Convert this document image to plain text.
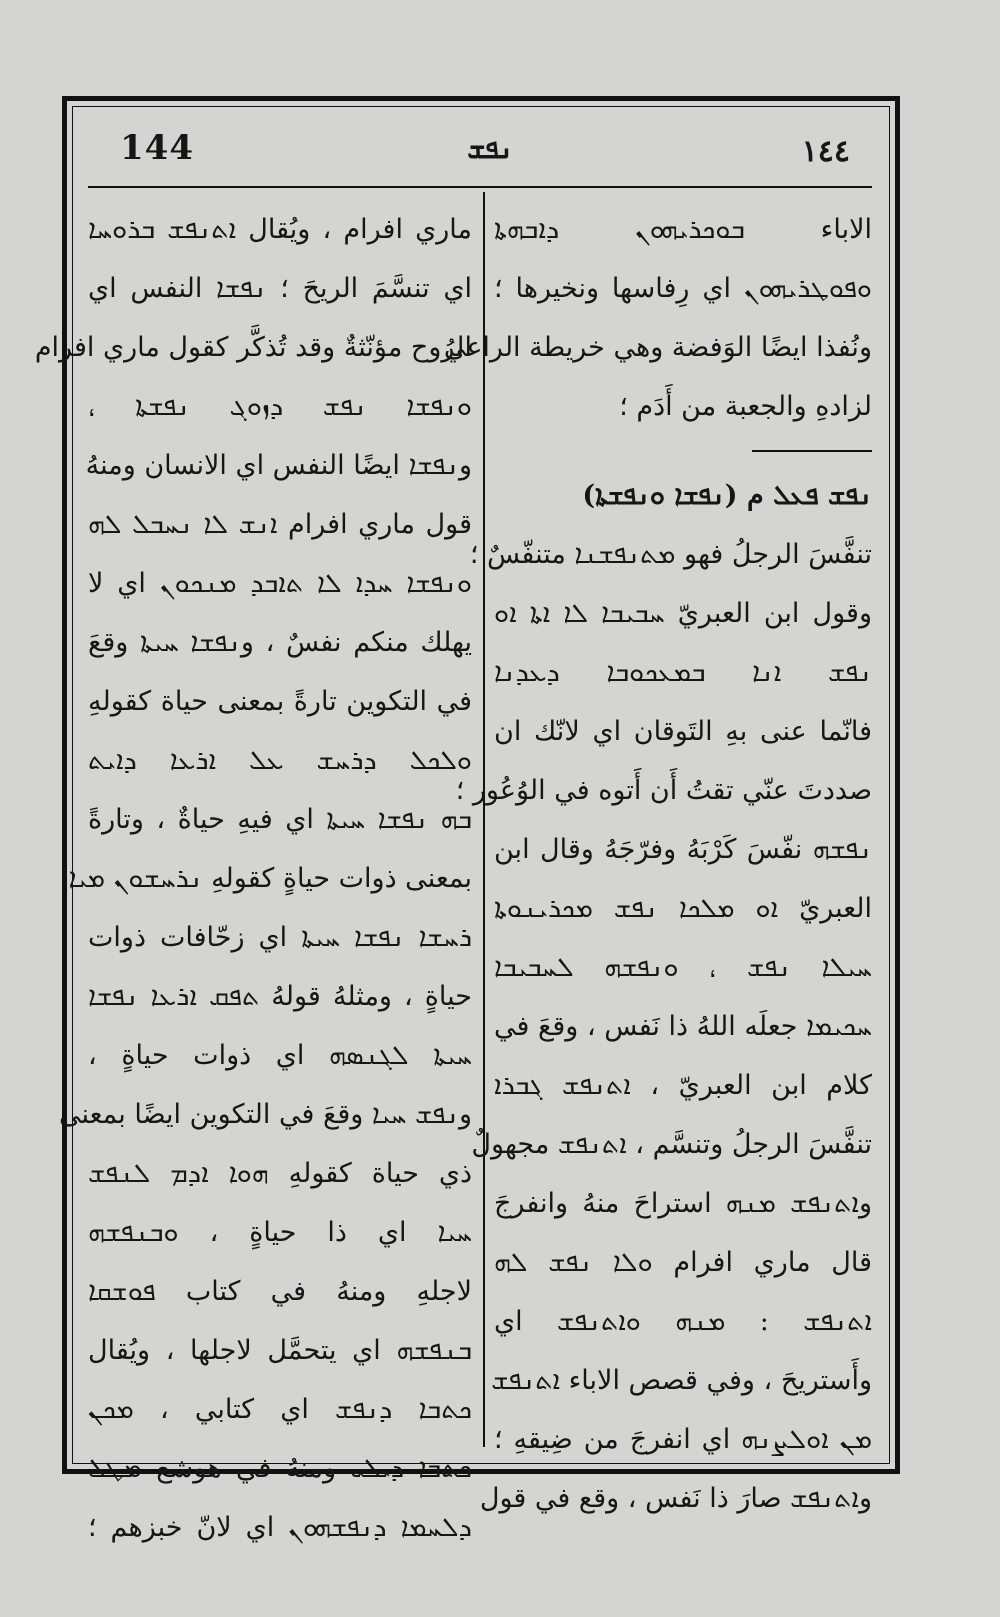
144	ܢܦܫ	١٤٤
الاباء ܒܘܟܪܝܗܘܢ ܕܐܒܗܬܐ
ܘܦܘܛܪܝܗܘܢ اي رِفاسها ونخيرها ؛
ونُفذا ايضًا الوَفضة وهي خريطة الراعي
لزادهِ والجعبة من أَدَم ؛
ܢܦܫ ܦܥܠ م (ܢܦܫܐ ܘܢܦܫܬܐ)
تنفَّسَ الرجلُ فهو ܡܬܢܦܫܢܐ متنفّسٌ ؛
وقول ابن العبريّ ܚܒܝܒܐ ܠܐ ܐܬܐ ܐܘ
ܢܦܫ ܐܢܐ ܒܡܥܟܘܒܐ ܕܥܕܢܐ
فانّما عنى بهِ التَوقان اي لانّك ان
صددتَ عنّي تقتُ أَن أَتوه في الوُعُور ؛
ܢܦܫܗ نفّسَ كَرْبَهُ وفرّجَهُ وقال ابن
العبريّ ܐܘ ܡܠܟܐ ܢܦܫ ܡܟܪܝܢܘܬܐ
ܚܝܠܐ ܢܦܫ ، ܘܢܦܫܗ ܠܚܒܝܒܐ
ܚܟܝܡܐ جعلَه اللهُ ذا نَفس ، وقعَ في
كلام ابن العبريّ ، ܐܬܢܦܫ ܓܒܪܐ
تنفَّسَ الرجلُ وتنسَّم ، ܐܬܢܦܫ مجهولٌ
وܐܬܢܦܫ ܡܢܗ استراحَ منهُ وانفرجَ
قال ماري افرام ܘܠܐ ܢܦܫ ܠܗ
ܐܬܢܦܫ : ܡܢܗ ܘܐܬܢܦܫ اي
وأَستريحَ ، وفي قصص الاباء ܐܬܢܦܫ
ܡܢ ܐܘܠܨܢܗ اي انفرجَ من ضِيقهِ ؛
وܐܬܢܦܫ صارَ ذا نَفس ، وقع في قول
ماري افرام ، ويُقال ܐܬܢܦܫ ܒܪܘܚܐ
اي تنسَّمَ الريحَ ؛ ܢܦܫܐ النفس اي
الرُوح مؤنّثةٌ وقد تُذكَّر كقول ماري افرام
ܘܢܦܫܐ ܢܦܫ ܕܙܘܓ ܢܦܫܬܐ ،
وܢܦܫܐ ايضًا النفس اي الانسان ومنهُ
قول ماري افرام ܐܢܫ ܠܐ ܢܚܒܠ ܠܗ
ܘܢܦܫܐ ܚܕܐ ܠܐ ܬܐܒܕ ܡܢܟܘܢ اي لا
يهلك منكم نفسٌ ، وܢܦܫܐ ܚܝܬܐ وقعَ
في التكوين تارةً بمعنى حياة كقولهِ
ܘܠܟܠ ܕܪܚܫ ܥܠ ܐܪܥܐ ܕܐܝܬ
ܒܗ ܢܦܫܐ ܚܝܬܐ اي فيهِ حياةٌ ، وتارةً
بمعنى ذوات حياةٍ كقولهِ ܢܪܚܫܘܢ ܡܝܐ
ܪܚܫܐ ܢܦܫܐ ܚܝܬܐ اي زحّافات ذوات
حياةٍ ، ومثلهُ قولهُ ܬܦܩ ܐܪܥܐ ܢܦܫܐ
ܚܝܬܐ ܠܓܢܣܗ اي ذوات حياةٍ ،
وܢܦܫ ܚܝܐ وقعَ في التكوين ايضًا بمعنى
ذي حياة كقولهِ ܗܘܐ ܐܕܡ ܠܢܦܫ
ܚܝܐ اي ذا حياةٍ ، ܘܒܢܦܫܗ
لاجلهِ ومنهُ في كتاب ܦܘܫܩܐ
ܒܢܦܫܗ اي يتحمَّل لاجلها ، ويُقال
ܟܬܒܐ ܕܢܦܫ اي كتابي ، ܡܟܢ
ܟܬܒܐ ܕܝܠܝ ومنهُ في هوشع ܡܛܠ
ܕܠܚܡܐ ܕܢܦܫܗܘܢ اي لانّ خبزهم ؛
